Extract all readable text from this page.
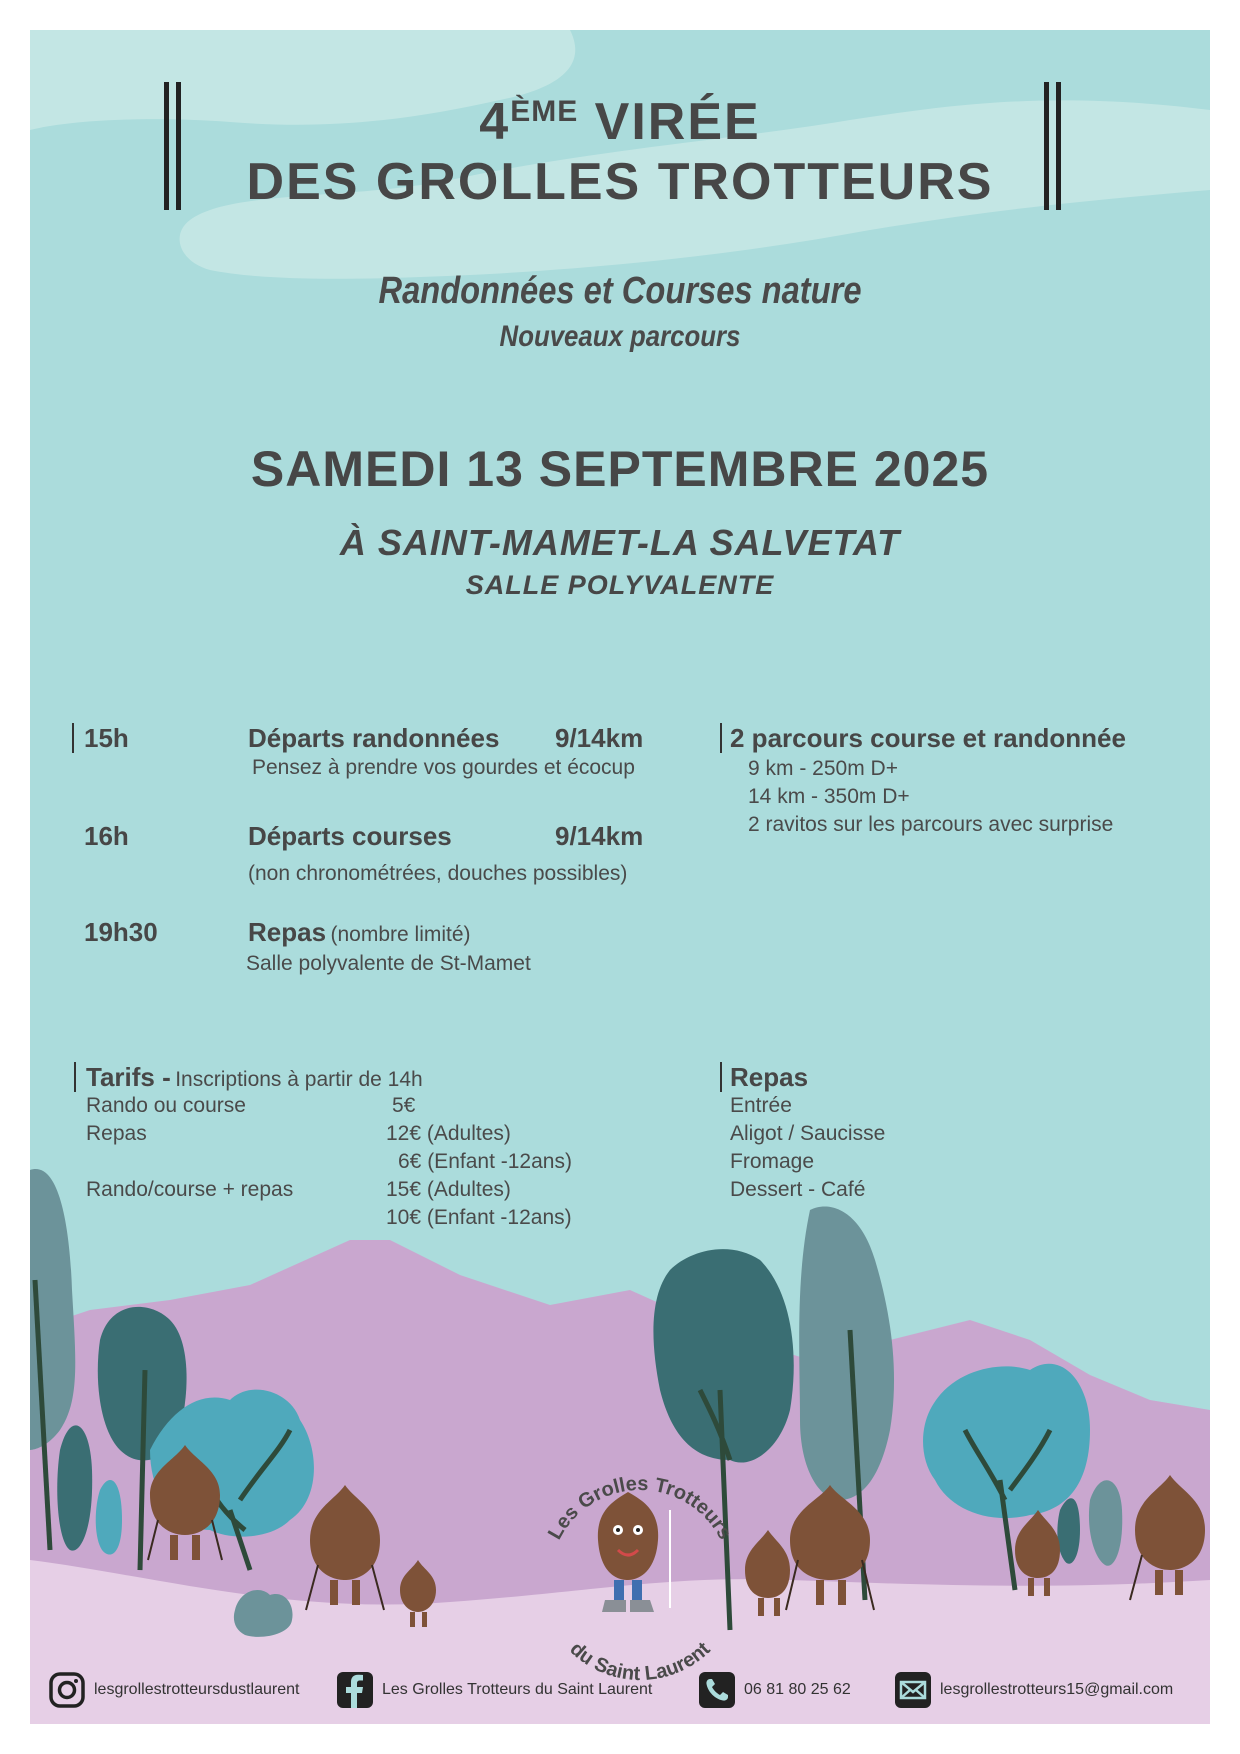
4ÈME VIRÉE
DES GROLLES TROTTEURS
Randonnées et Courses nature
Nouveaux parcours
SAMEDI 13 SEPTEMBRE 2025
À SAINT-MAMET-LA SALVETAT
SALLE POLYVALENTE
15h	Départs randonnées 9/14km
Pensez à prendre vos gourdes et écocup
16h	Départs courses	9/14km
(non chronométrées, douches possibles)
19h30	Repas (nombre limité)
Salle polyvalente de St-Mamet
2 parcours course et randonnée
9 km - 250m D+
14 km - 350m D+
2 ravitos sur les parcours avec surprise
Tarifs - Inscriptions à partir de 14h
Rando ou course	5€
Repas	12€ (Adultes)
6€ (Enfant -12ans)
Rando/course + repas	15€ (Adultes)
10€ (Enfant -12ans)
Repas
Entrée
Aligot / Saucisse
Fromage
Dessert - Café
Les Grolles Trotteurs
du Saint Laurent
lesgrollestrotteursdustlaurent	Les Grolles Trotteurs du Saint Laurent	06 81 80 25 62	lesgrollestrotteurs15@gmail.com
